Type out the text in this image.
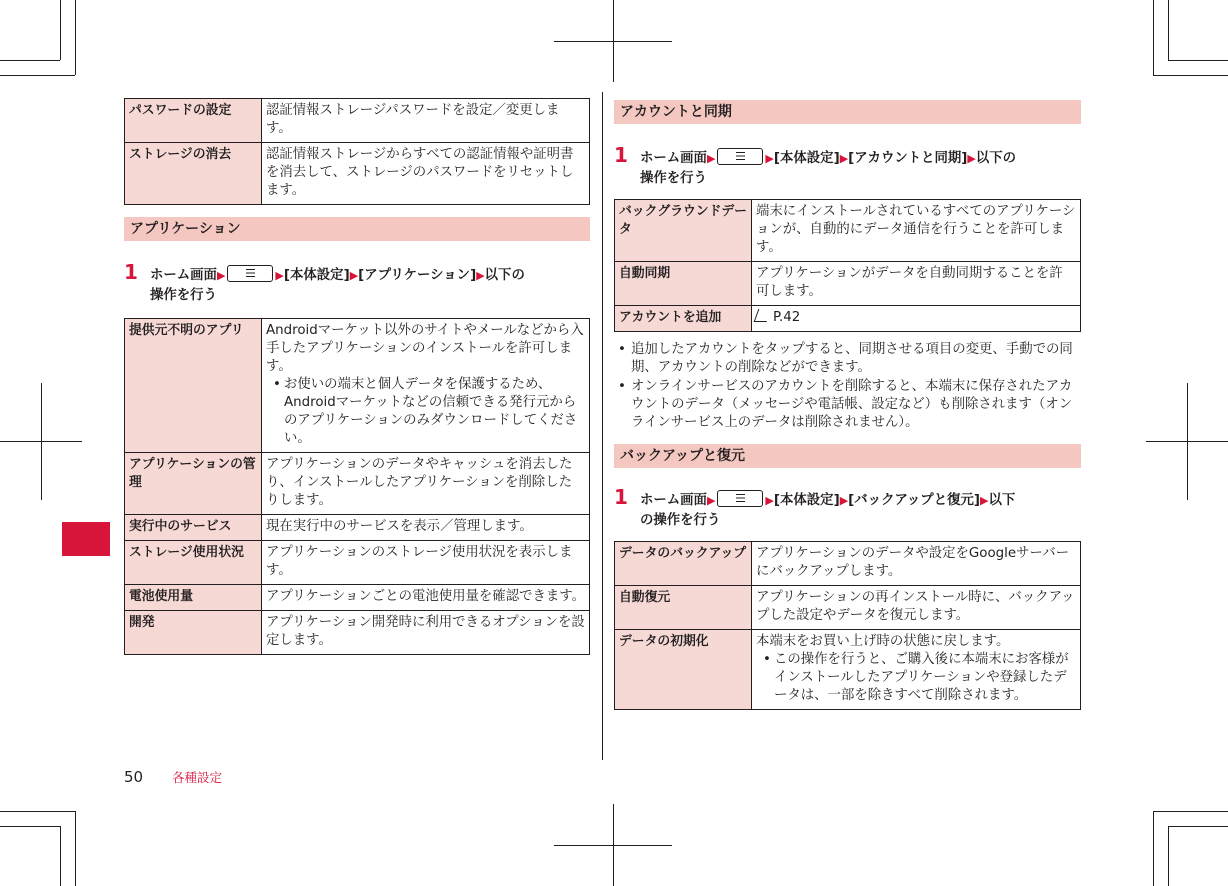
パスワードの設定	認証情報ストレージパスワードを設定／変更します。
ストレージの消去	認証情報ストレージからすべての認証情報や証明書を消去して、ストレージのパスワードをリセットします。
アプリケーション
1 ホーム画面▶	▶[本体設定]▶[アプリケーション]▶以下の
操作を行う
提供元不明のアプリ	Androidマーケット以外のサイトやメールなどから入手したアプリケーションのインストールを許可します。
• お使いの端末と個人データを保護するため、Androidマーケットなどの信頼できる発行元からのアプリケーションのみダウンロードしてください。

アプリケーションの管理	アプリケーションのデータやキャッシュを消去したり、インストールしたアプリケーションを削除したりします。
実行中のサービス	現在実行中のサービスを表示／管理します。
ストレージ使用状況	アプリケーションのストレージ使用状況を表示します。
電池使用量	アプリケーションごとの電池使用量を確認できます。
開発	アプリケーション開発時に利用できるオプションを設定します。
アカウントと同期
1 ホーム画面▶	▶[本体設定]▶[アカウントと同期]▶以下の
操作を行う
バックグラウンドデータ	端末にインストールされているすべてのアプリケーションが、自動的にデータ通信を行うことを許可します。
自動同期	アプリケーションがデータを自動同期することを許可します。
アカウントを追加	P.42
• 追加したアカウントをタップすると、同期させる項目の変更、手動での同期、アカウントの削除などができます。
• オンラインサービスのアカウントを削除すると、本端末に保存されたアカウントのデータ（メッセージや電話帳、設定など）も削除されます（オンラインサービス上のデータは削除されません）。
バックアップと復元
1 ホーム画面▶	▶[本体設定]▶[バックアップと復元]▶以下
の操作を行う
データのバックアップ	アプリケーションのデータや設定をGoogleサーバーにバックアップします。
自動復元	アプリケーションの再インストール時に、バックアップした設定やデータを復元します。
データの初期化	本端末をお買い上げ時の状態に戻します。
• この操作を行うと、ご購入後に本端末にお客様がインストールしたアプリケーションや登録したデータは、一部を除きすべて削除されます。
50 各種設定
